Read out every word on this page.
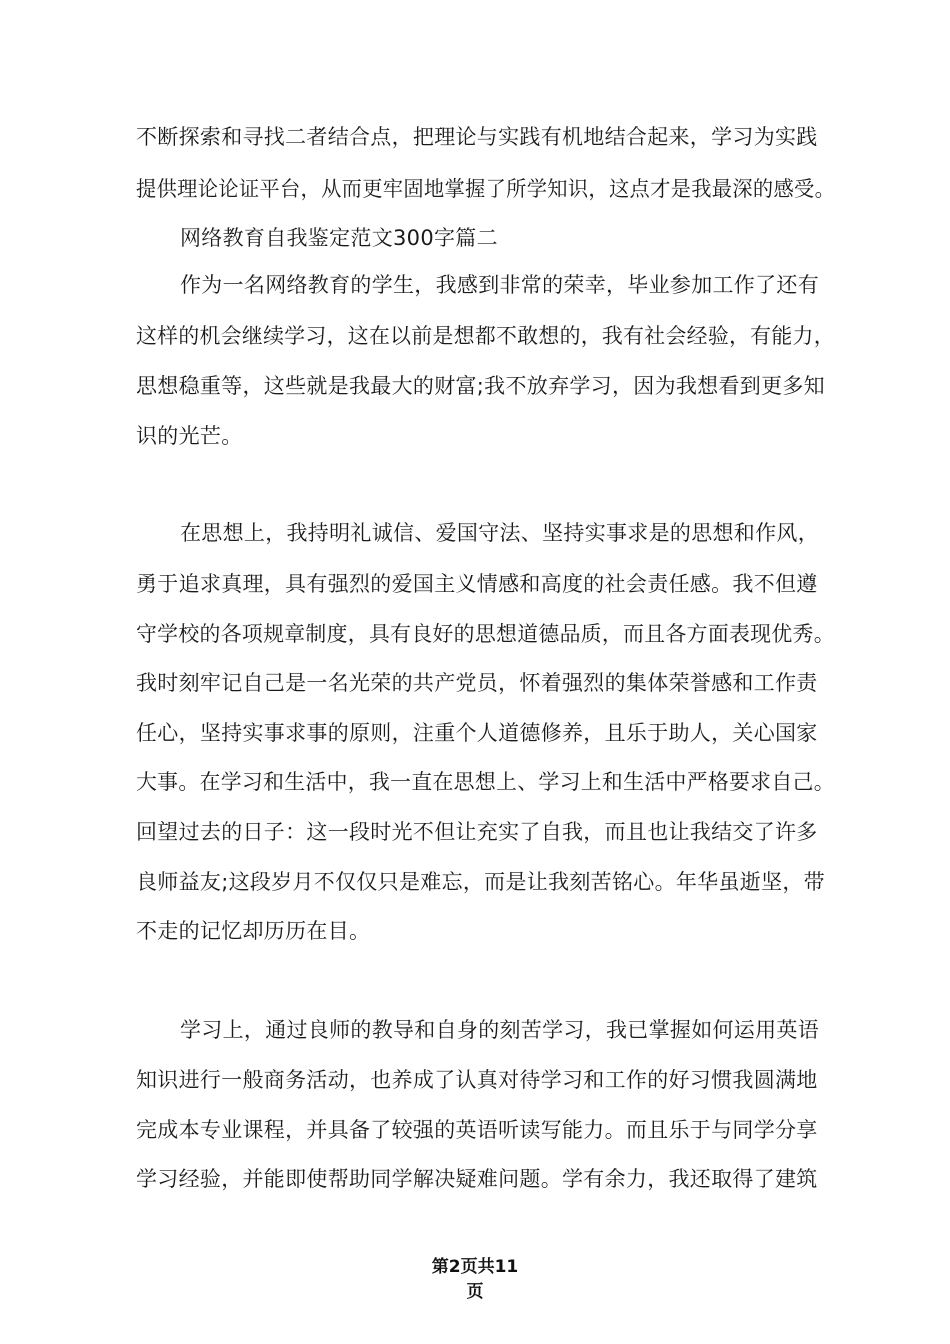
不断探索和寻找二者结合点，把理论与实践有机地结合起来，学习为实践
提供理论论证平台，从而更牢固地掌握了所学知识，这点才是我最深的感受。
网络教育自我鉴定范文300字篇二
作为一名网络教育的学生，我感到非常的荣幸，毕业参加工作了还有
这样的机会继续学习，这在以前是想都不敢想的，我有社会经验，有能力，
思想稳重等，这些就是我最大的财富;我不放弃学习，因为我想看到更多知
识的光芒。
在思想上，我持明礼诚信、爱国守法、坚持实事求是的思想和作风，
勇于追求真理，具有强烈的爱国主义情感和高度的社会责任感。我不但遵
守学校的各项规章制度，具有良好的思想道德品质，而且各方面表现优秀。
我时刻牢记自己是一名光荣的共产党员，怀着强烈的集体荣誉感和工作责
任心，坚持实事求事的原则，注重个人道德修养，且乐于助人，关心国家
大事。在学习和生活中，我一直在思想上、学习上和生活中严格要求自己。
回望过去的日子：这一段时光不但让充实了自我，而且也让我结交了许多
良师益友;这段岁月不仅仅只是难忘，而是让我刻苦铭心。年华虽逝坚，带
不走的记忆却历历在目。
学习上，通过良师的教导和自身的刻苦学习，我已掌握如何运用英语
知识进行一般商务活动，也养成了认真对待学习和工作的好习惯我圆满地
完成本专业课程，并具备了较强的英语听读写能力。而且乐于与同学分享
学习经验，并能即使帮助同学解决疑难问题。学有余力，我还取得了建筑
第2页共11
页
